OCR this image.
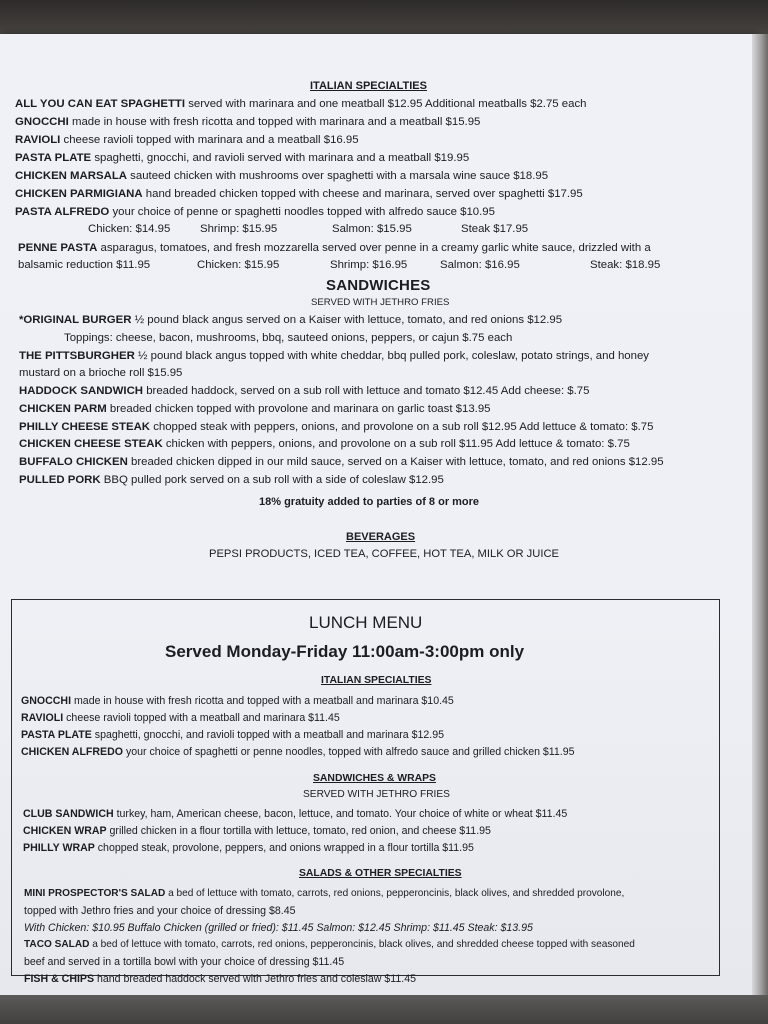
ITALIAN SPECIALTIES
ALL YOU CAN EAT SPAGHETTI served with marinara and one meatball $12.95 Additional meatballs $2.75 each
GNOCCHI made in house with fresh ricotta and topped with marinara and a meatball $15.95
RAVIOLI cheese ravioli topped with marinara and a meatball $16.95
PASTA PLATE spaghetti, gnocchi, and ravioli served with marinara and a meatball $19.95
CHICKEN MARSALA sauteed chicken with mushrooms over spaghetti with a marsala wine sauce $18.95
CHICKEN PARMIGIANA hand breaded chicken topped with cheese and marinara, served over spaghetti $17.95
PASTA ALFREDO your choice of penne or spaghetti noodles topped with alfredo sauce $10.95
Chicken: $14.95	Shrimp: $15.95	Salmon: $15.95	Steak $17.95
PENNE PASTA asparagus, tomatoes, and fresh mozzarella served over penne in a creamy garlic white sauce, drizzled with a
balsamic reduction $11.95	Chicken: $15.95	Shrimp: $16.95	Salmon: $16.95	Steak: $18.95
SANDWICHES
SERVED WITH JETHRO FRIES
*ORIGINAL BURGER ½ pound black angus served on a Kaiser with lettuce, tomato, and red onions $12.95
Toppings: cheese, bacon, mushrooms, bbq, sauteed onions, peppers, or cajun $.75 each
THE PITTSBURGHER ½ pound black angus topped with white cheddar, bbq pulled pork, coleslaw, potato strings, and honey
mustard on a brioche roll $15.95
HADDOCK SANDWICH breaded haddock, served on a sub roll with lettuce and tomato $12.45 Add cheese: $.75
CHICKEN PARM breaded chicken topped with provolone and marinara on garlic toast $13.95
PHILLY CHEESE STEAK chopped steak with peppers, onions, and provolone on a sub roll $12.95 Add lettuce & tomato: $.75
CHICKEN CHEESE STEAK chicken with peppers, onions, and provolone on a sub roll $11.95 Add lettuce & tomato: $.75
BUFFALO CHICKEN breaded chicken dipped in our mild sauce, served on a Kaiser with lettuce, tomato, and red onions $12.95
PULLED PORK BBQ pulled pork served on a sub roll with a side of coleslaw $12.95
18% gratuity added to parties of 8 or more
BEVERAGES
PEPSI PRODUCTS, ICED TEA, COFFEE, HOT TEA, MILK OR JUICE
LUNCH MENU
Served Monday-Friday 11:00am-3:00pm only
ITALIAN SPECIALTIES
GNOCCHI made in house with fresh ricotta and topped with a meatball and marinara $10.45
RAVIOLI cheese ravioli topped with a meatball and marinara $11.45
PASTA PLATE spaghetti, gnocchi, and ravioli topped with a meatball and marinara $12.95
CHICKEN ALFREDO your choice of spaghetti or penne noodles, topped with alfredo sauce and grilled chicken $11.95
SANDWICHES & WRAPS
SERVED WITH JETHRO FRIES
CLUB SANDWICH turkey, ham, American cheese, bacon, lettuce, and tomato. Your choice of white or wheat $11.45
CHICKEN WRAP grilled chicken in a flour tortilla with lettuce, tomato, red onion, and cheese $11.95
PHILLY WRAP chopped steak, provolone, peppers, and onions wrapped in a flour tortilla $11.95
SALADS & OTHER SPECIALTIES
MINI PROSPECTOR'S SALAD a bed of lettuce with tomato, carrots, red onions, pepperoncinis, black olives, and shredded provolone,
topped with Jethro fries and your choice of dressing $8.45
With Chicken: $10.95 Buffalo Chicken (grilled or fried): $11.45 Salmon: $12.45 Shrimp: $11.45 Steak: $13.95
TACO SALAD a bed of lettuce with tomato, carrots, red onions, pepperoncinis, black olives, and shredded cheese topped with seasoned
beef and served in a tortilla bowl with your choice of dressing $11.45
FISH & CHIPS hand breaded haddock served with Jethro fries and coleslaw $11.45
